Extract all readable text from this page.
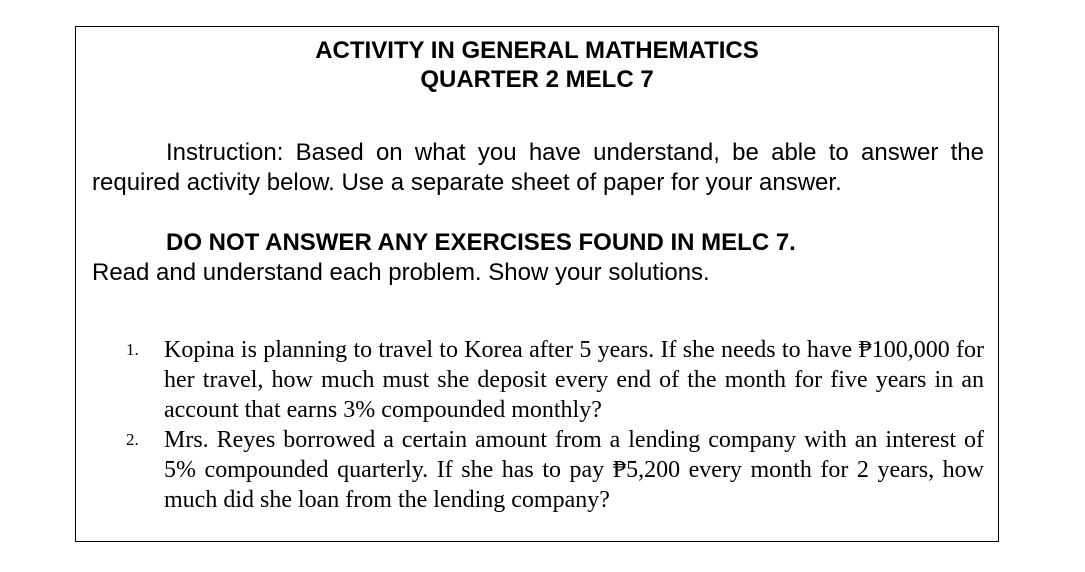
ACTIVITY IN GENERAL MATHEMATICS
QUARTER 2 MELC 7

Instruction: Based on what you have understand, be able to answer the required activity below. Use a separate sheet of paper for your answer.

DO NOT ANSWER ANY EXERCISES FOUND IN MELC 7.
Read and understand each problem. Show your solutions.
1. Kopina is planning to travel to Korea after 5 years. If she needs to have ₱100,000 for her travel, how much must she deposit every end of the month for five years in an account that earns 3% compounded monthly?
2. Mrs. Reyes borrowed a certain amount from a lending company with an interest of 5% compounded quarterly. If she has to pay ₱5,200 every month for 2 years, how much did she loan from the lending company?
